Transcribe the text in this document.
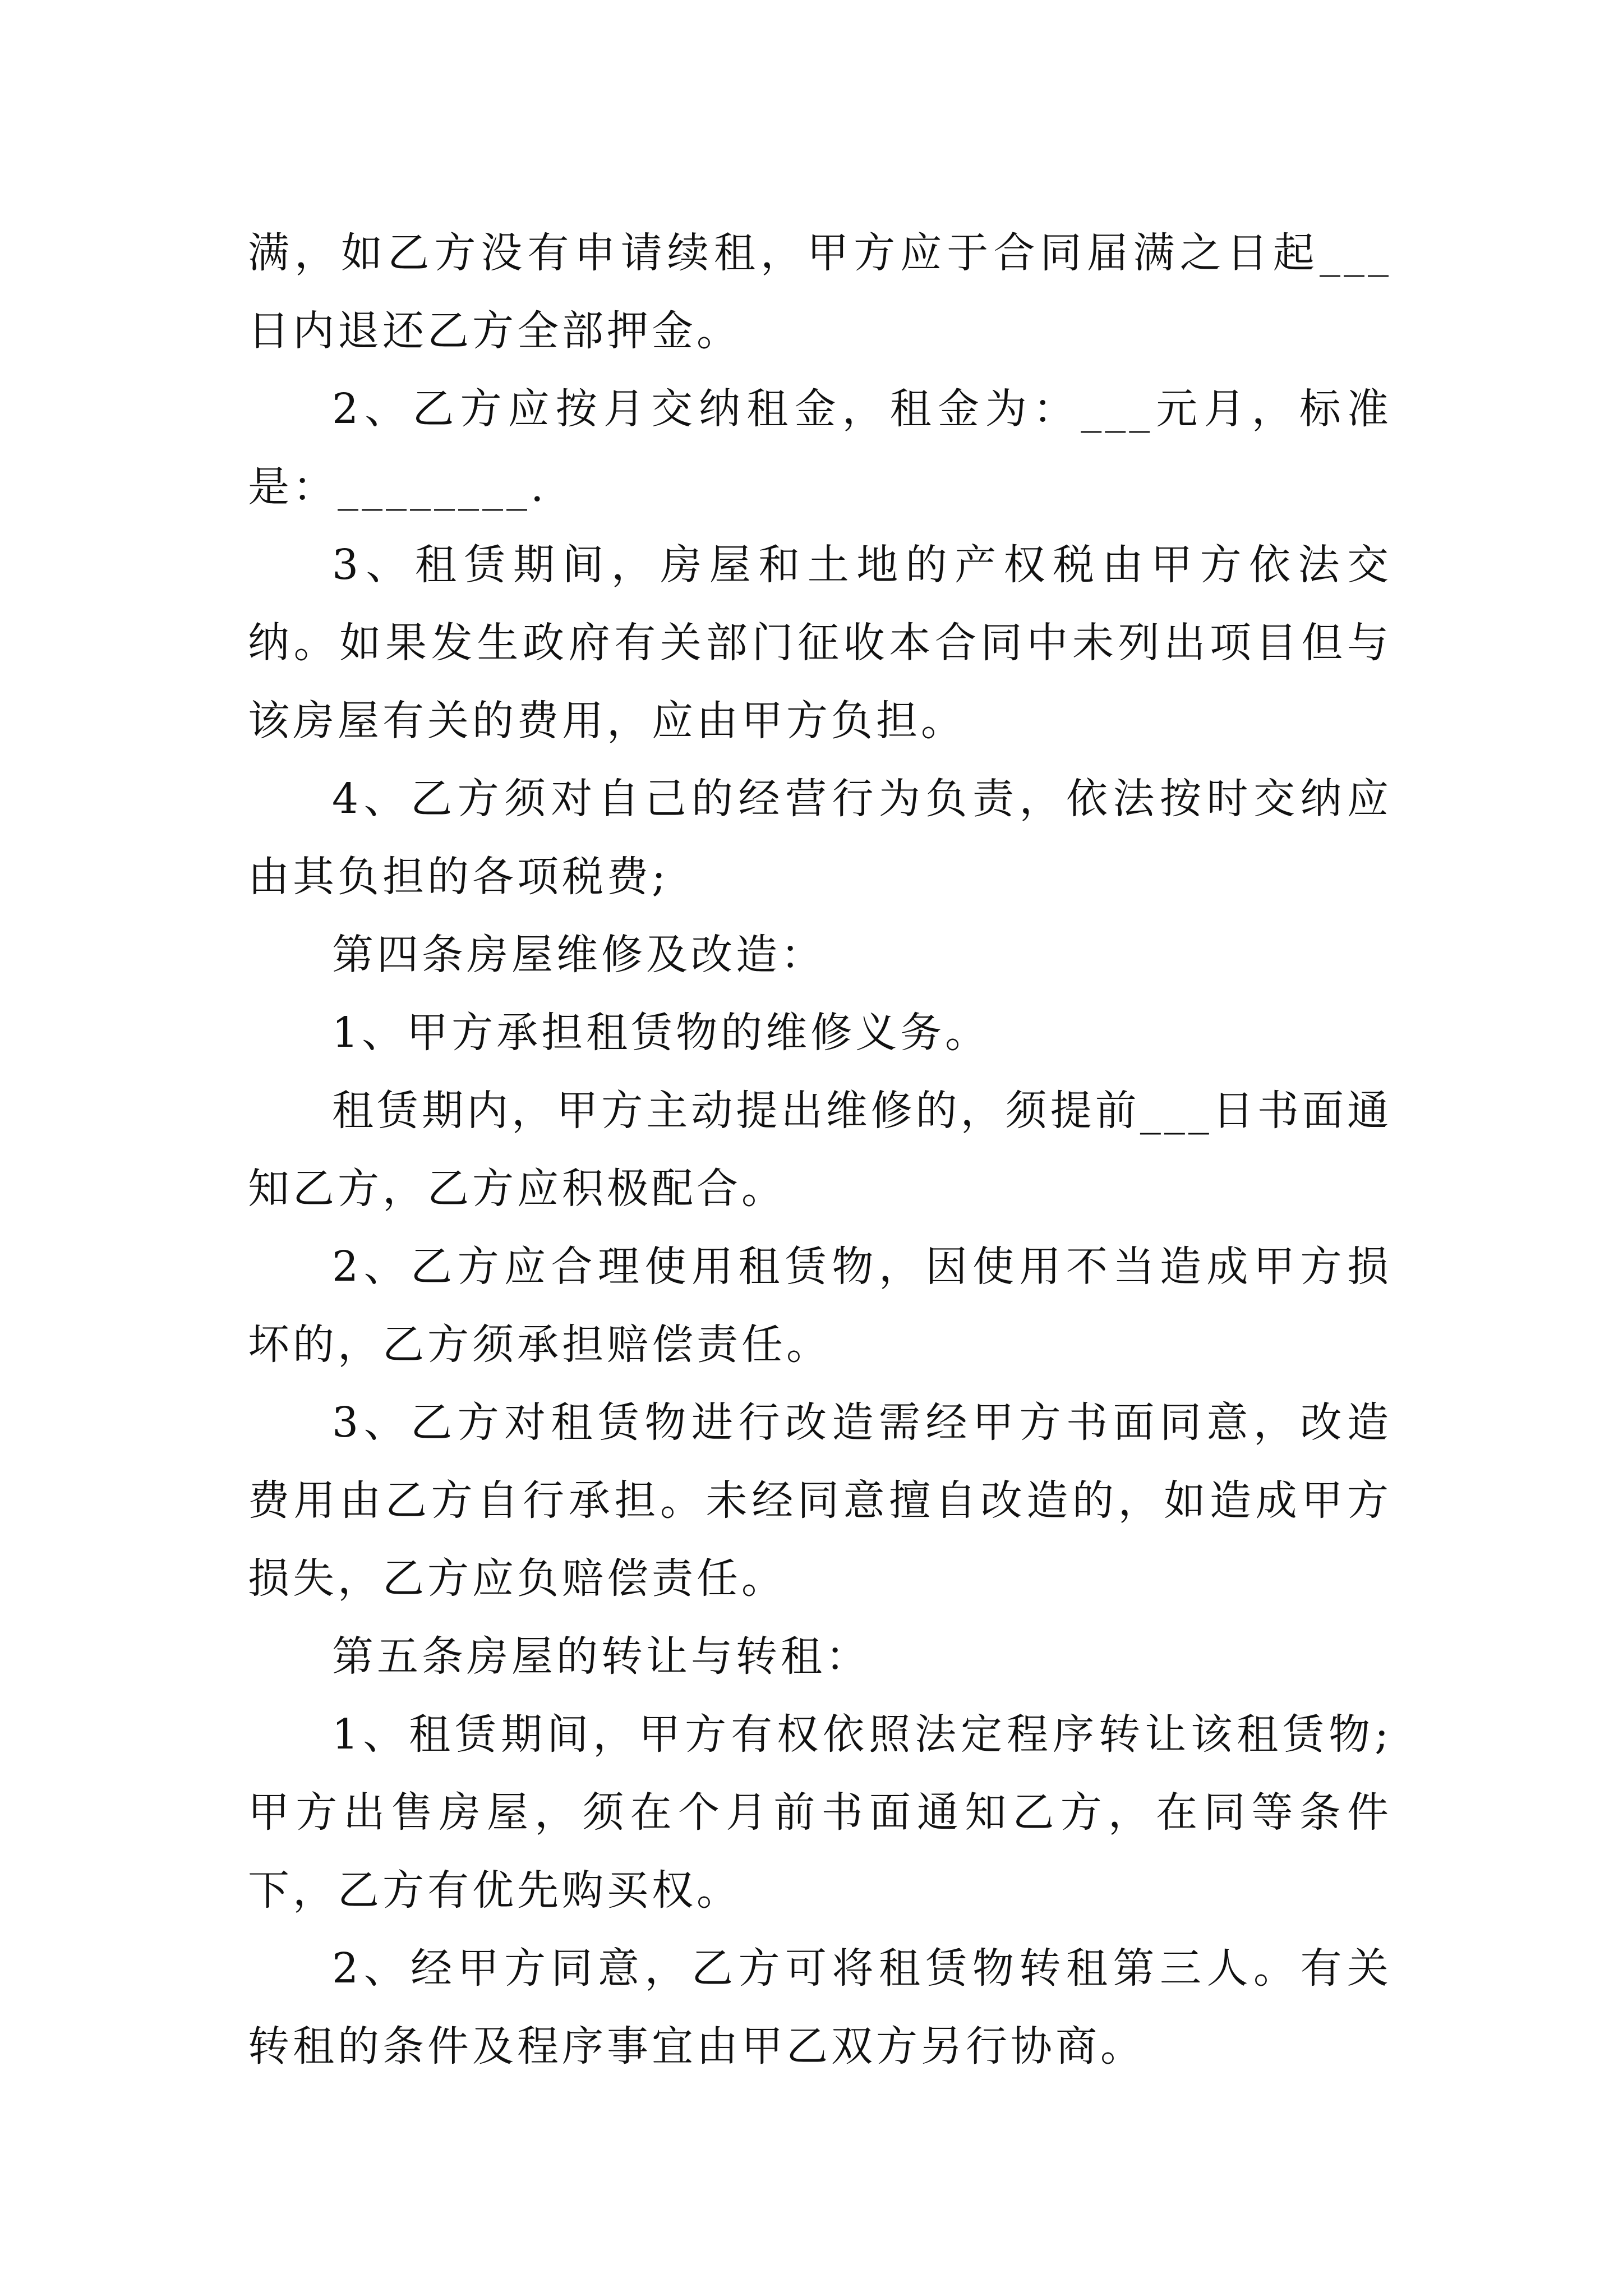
满，如乙方没有申请续租，甲方应于合同届满之日起___日内退还乙方全部押金。

2、乙方应按月交纳租金，租金为：___元月，标准是：________.

3、租赁期间，房屋和土地的产权税由甲方依法交纳。如果发生政府有关部门征收本合同中未列出项目但与该房屋有关的费用，应由甲方负担。

4、乙方须对自己的经营行为负责，依法按时交纳应由其负担的各项税费;

第四条房屋维修及改造：

1、甲方承担租赁物的维修义务。

租赁期内，甲方主动提出维修的，须提前___日书面通知乙方，乙方应积极配合。

2、乙方应合理使用租赁物，因使用不当造成甲方损坏的，乙方须承担赔偿责任。

3、乙方对租赁物进行改造需经甲方书面同意，改造费用由乙方自行承担。未经同意擅自改造的，如造成甲方损失，乙方应负赔偿责任。

第五条房屋的转让与转租：

1、租赁期间，甲方有权依照法定程序转让该租赁物;甲方出售房屋，须在个月前书面通知乙方，在同等条件下，乙方有优先购买权。

2、经甲方同意，乙方可将租赁物转租第三人。有关转租的条件及程序事宜由甲乙双方另行协商。
